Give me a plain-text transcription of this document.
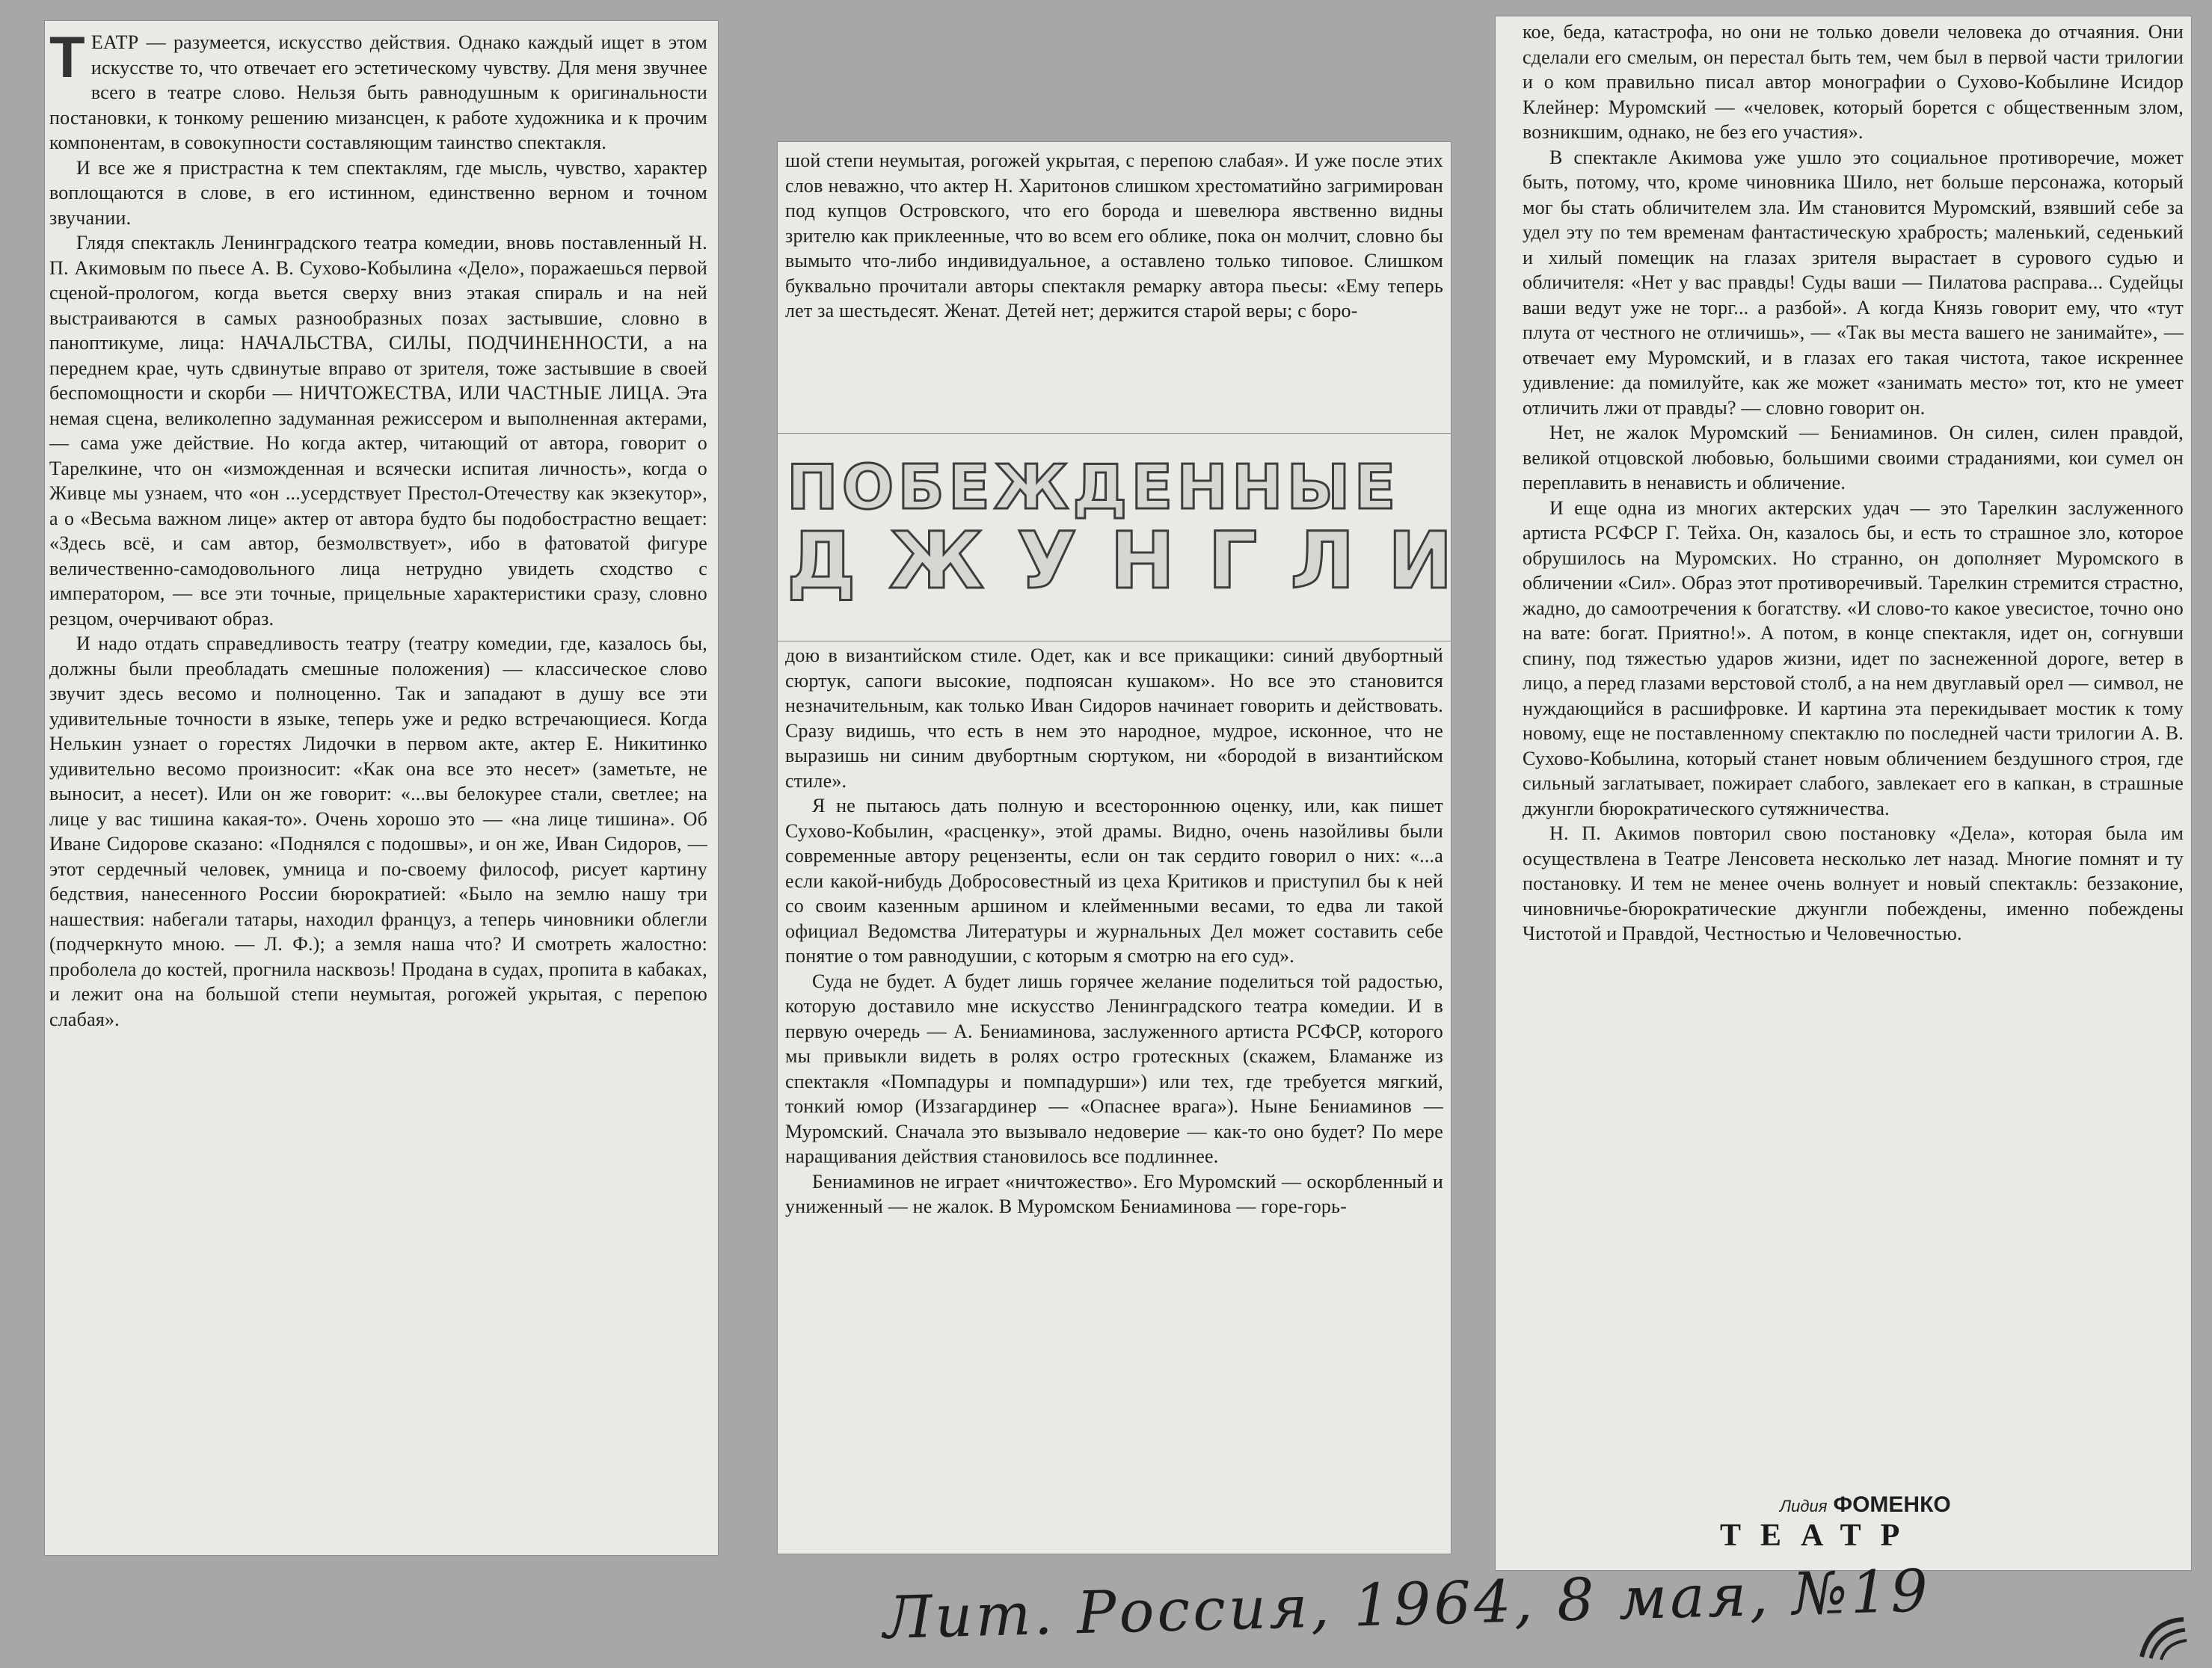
ТЕАТР — разумеется, искусство действия. Однако каждый ищет в этом искусстве то, что отвечает его эстетическому чувству. Для меня звучнее всего в театре слово. Нельзя быть равнодушным к оригинальности постановки, к тонкому решению мизансцен, к работе художника и к прочим компонентам, в совокупности составляющим таинство спектакля.

И все же я пристрастна к тем спектаклям, где мысль, чувство, характер воплощаются в слове, в его истинном, единственно верном и точном звучании.

Глядя спектакль Ленинградского театра комедии, вновь поставленный Н. П. Акимовым по пьесе А. В. Сухово-Кобылина «Дело», поражаешься первой сценой-прологом, когда вьется сверху вниз этакая спираль и на ней выстраиваются в самых разнообразных позах застывшие, словно в паноптикуме, лица: НАЧАЛЬСТВА, СИЛЫ, ПОДЧИНЕННОСТИ, а на переднем крае, чуть сдвинутые вправо от зрителя, тоже застывшие в своей беспомощности и скорби — НИЧТОЖЕСТВА, ИЛИ ЧАСТНЫЕ ЛИЦА. Эта немая сцена, великолепно задуманная режиссером и выполненная актерами, — сама уже действие. Но когда актер, читающий от автора, говорит о Тарелкине, что он «изможденная и всячески испитая личность», когда о Живце мы узнаем, что «он ...усердствует Престол-Отечеству как экзекутор», а о «Весьма важном лице» актер от автора будто бы подобострастно вещает: «Здесь всё, и сам автор, безмолвствует», ибо в фатоватой фигуре величественно-самодовольного лица нетрудно увидеть сходство с императором, — все эти точные, прицельные характеристики сразу, словно резцом, очерчивают образ.

И надо отдать справедливость театру (театру комедии, где, казалось бы, должны были преобладать смешные положения) — классическое слово звучит здесь весомо и полноценно. Так и западают в душу все эти удивительные точности в языке, теперь уже и редко встречающиеся. Когда Нелькин узнает о горестях Лидочки в первом акте, актер Е. Никитинко удивительно весомо произносит: «Как она все это несет» (заметьте, не выносит, а несет). Или он же говорит: «...вы белокурее стали, светлее; на лице у вас тишина какая-то». Очень хорошо это — «на лице тишина». Об Иване Сидорове сказано: «Поднялся с подошвы», и он же, Иван Сидоров, — этот сердечный человек, умница и по-своему философ, рисует картину бедствия, нанесенного России бюрократией: «Было на землю нашу три нашествия: набегали татары, находил француз, а теперь чиновники облегли (подчеркнуто мною. — Л. Ф.); а земля наша что? И смотреть жалостно: проболела до костей, прогнила насквозь! Продана в судах, пропита в кабаках, и лежит она на большой степи неумытая, рогожей укрытая, с перепою слабая».

шой степи неумытая, рогожей укрытая, с перепою слабая». И уже после этих слов неважно, что актер Н. Харитонов слишком хрестоматийно загримирован под купцов Островского, что его борода и шевелюра явственно видны зрителю как приклеенные, что во всем его облике, пока он молчит, словно бы вымыто что-либо индивидуальное, а оставлено только типовое. Слишком буквально прочитали авторы спектакля ремарку автора пьесы: «Ему теперь лет за шестьдесят. Женат. Детей нет; держится старой веры; с боро-

ПОБЕЖДЕННЫЕ
ДЖУНГЛИ

дою в византийском стиле. Одет, как и все прикащики: синий двубортный сюртук, сапоги высокие, подпоясан кушаком». Но все это становится незначительным, как только Иван Сидоров начинает говорить и действовать. Сразу видишь, что есть в нем это народное, мудрое, исконное, что не выразишь ни синим двубортным сюртуком, ни «бородой в византийском стиле».

Я не пытаюсь дать полную и всестороннюю оценку, или, как пишет Сухово-Кобылин, «расценку», этой драмы. Видно, очень назойливы были современные автору рецензенты, если он так сердито говорил о них: «...а если какой-нибудь Добросовестный из цеха Критиков и приступил бы к ней со своим казенным аршином и клейменными весами, то едва ли такой официал Ведомства Литературы и журнальных Дел может составить себе понятие о том равнодушии, с которым я смотрю на его суд».

Суда не будет. А будет лишь горячее желание поделиться той радостью, которую доставило мне искусство Ленинградского театра комедии. И в первую очередь — А. Бениаминова, заслуженного артиста РСФСР, которого мы привыкли видеть в ролях остро гротескных (скажем, Бламанже из спектакля «Помпадуры и помпадурши») или тех, где требуется мягкий, тонкий юмор (Иззагардинер — «Опаснее врага»). Ныне Бениаминов — Муромский. Сначала это вызывало недоверие — как-то оно будет? По мере наращивания действия становилось все подлиннее.

Бениаминов не играет «ничтожество». Его Муромский — оскорбленный и униженный — не жалок. В Муромском Бениаминова — горе-горь-

кое, беда, катастрофа, но они не только довели человека до отчаяния. Они сделали его смелым, он перестал быть тем, чем был в первой части трилогии и о ком правильно писал автор монографии о Сухово-Кобылине Исидор Клейнер: Муромский — «человек, который борется с общественным злом, возникшим, однако, не без его участия».

В спектакле Акимова уже ушло это социальное противоречие, может быть, потому, что, кроме чиновника Шило, нет больше персонажа, который мог бы стать обличителем зла. Им становится Муромский, взявший себе за удел эту по тем временам фантастическую храбрость; маленький, седенький и хилый помещик на глазах зрителя вырастает в сурового судью и обличителя: «Нет у вас правды! Суды ваши — Пилатова расправа... Судейцы ваши ведут уже не торг... а разбой». А когда Князь говорит ему, что «тут плута от честного не отличишь», — «Так вы места вашего не занимайте», — отвечает ему Муромский, и в глазах его такая чистота, такое искреннее удивление: да помилуйте, как же может «занимать место» тот, кто не умеет отличить лжи от правды? — словно говорит он.

Нет, не жалок Муромский — Бениаминов. Он силен, силен правдой, великой отцовской любовью, большими своими страданиями, кои сумел он переплавить в ненависть и обличение.

И еще одна из многих актерских удач — это Тарелкин заслуженного артиста РСФСР Г. Тейха. Он, казалось бы, и есть то страшное зло, которое обрушилось на Муромских. Но странно, он дополняет Муромского в обличении «Сил». Образ этот противоречивый. Тарелкин стремится страстно, жадно, до самоотречения к богатству. «И слово-то какое увесистое, точно оно на вате: богат. Приятно!». А потом, в конце спектакля, идет он, согнувши спину, под тяжестью ударов жизни, идет по заснеженной дороге, ветер в лицо, а перед глазами верстовой столб, а на нем двуглавый орел — символ, не нуждающийся в расшифровке. И картина эта перекидывает мостик к тому новому, еще не поставленному спектаклю по последней части трилогии А. В. Сухово-Кобылина, который станет новым обличением бездушного строя, где сильный заглатывает, пожирает слабого, завлекает его в капкан, в страшные джунгли бюрократического сутяжничества.

Н. П. Акимов повторил свою постановку «Дела», которая была им осуществлена в Театре Ленсовета несколько лет назад. Многие помнят и ту постановку. И тем не менее очень волнует и новый спектакль: беззаконие, чиновничье-бюрократические джунгли побеждены, именно побеждены Чистотой и Правдой, Честностью и Человечностью.

Лидия ФОМЕНКО
ТЕАТР
Лит. Россия, 1964, 8 мая, №19
